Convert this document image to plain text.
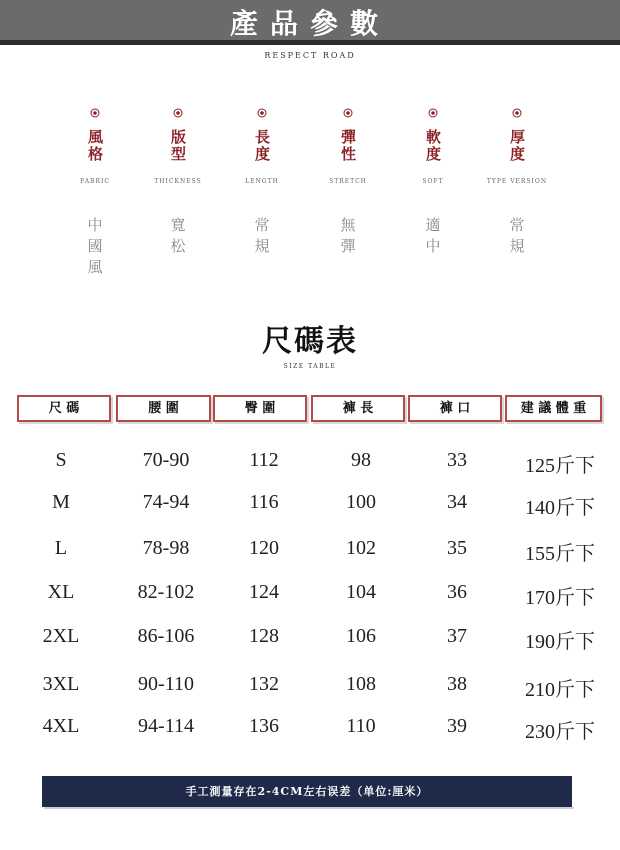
產品參數
RESPECT ROAD
風格
FABRIC
中
國
風
版型
THICKNESS
寬
松
長度
LENGTH
常
規
彈性
STRETCH
無
彈
軟度
SOFT
適
中
厚度
TYPE VERSION
常
規
尺碼表
SIZE TABLE
尺 碼	腰 圍	臀 圍	褲 長	褲 口	建 議 體 重
S	70-90	112	98	33	125斤下
M	74-94	116	100	34	140斤下
L	78-98	120	102	35	155斤下
XL	82-102	124	104	36	170斤下
2XL	86-106	128	106	37	190斤下
3XL	90-110	132	108	38	210斤下
4XL	94-114	136	110	39	230斤下
手工測量存在2-4CM左右误差（单位:厘米）
